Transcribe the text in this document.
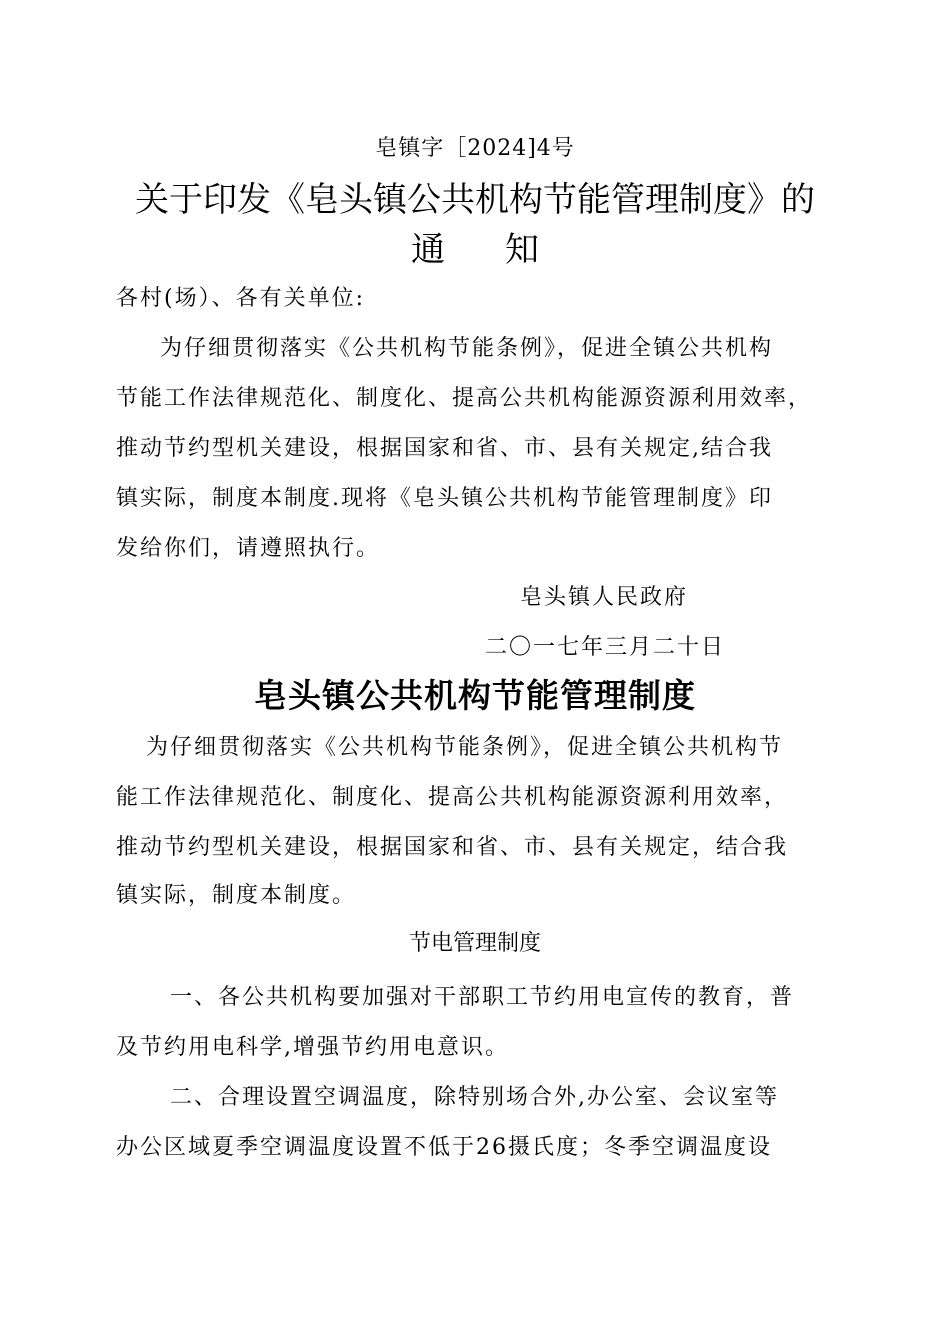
皂镇字［2024]4号
关于印发《皂头镇公共机构节能管理制度》的
通知
各村(场）、各有关单位:
为仔细贯彻落实《公共机构节能条例》，促进全镇公共机构
节能工作法律规范化、制度化、提高公共机构能源资源利用效率，
推动节约型机关建设，根据国家和省、市、县有关规定,结合我
镇实际，制度本制度.现将《皂头镇公共机构节能管理制度》印
发给你们，请遵照执行。
皂头镇人民政府
二〇一七年三月二十日
皂头镇公共机构节能管理制度
为仔细贯彻落实《公共机构节能条例》，促进全镇公共机构节
能工作法律规范化、制度化、提高公共机构能源资源利用效率，
推动节约型机关建设，根据国家和省、市、县有关规定，结合我
镇实际，制度本制度。
节电管理制度
一、各公共机构要加强对干部职工节约用电宣传的教育，普
及节约用电科学,增强节约用电意识。
二、合理设置空调温度，除特别场合外,办公室、会议室等
办公区域夏季空调温度设置不低于26摄氏度；冬季空调温度设
